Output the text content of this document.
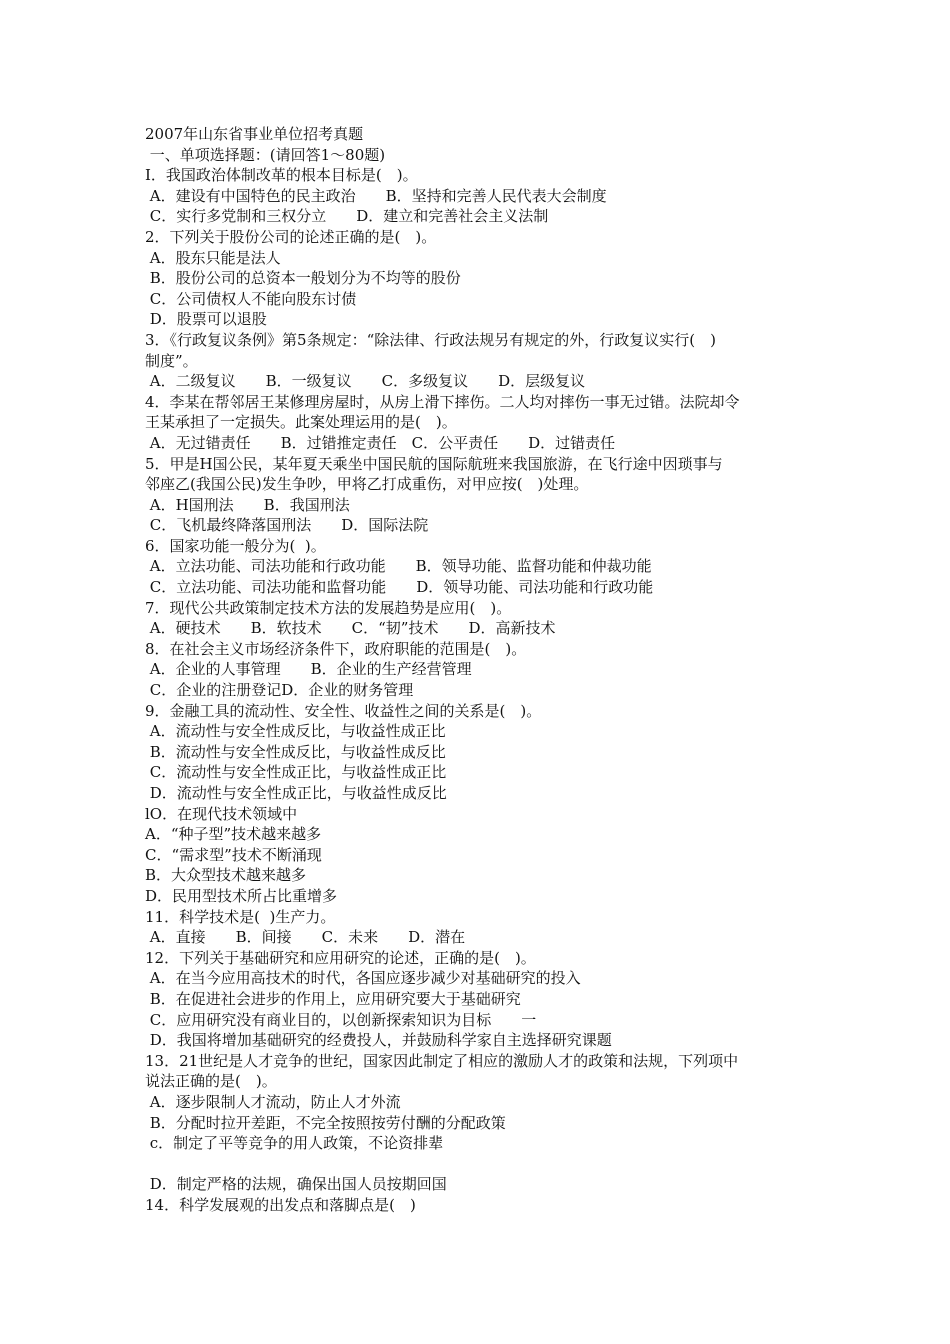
2007年山东省事业单位招考真题
一、单项选择题：(请回答1～80题)
I．我国政治体制改革的根本目标是(　)。
A．建设有中国特色的民主政治　　B．坚持和完善人民代表大会制度
C．实行多党制和三权分立　　D．建立和完善社会主义法制
2．下列关于股份公司的论述正确的是(　)。
A．股东只能是法人
B．股份公司的总资本一般划分为不均等的股份
C．公司债权人不能向股东讨债
D．股票可以退股
3．《行政复议条例》第5条规定：“除法律、行政法规另有规定的外，行政复议实行(　)
制度”。
A．二级复议　　B．一级复议　　C．多级复议　　D．层级复议
4．李某在帮邻居王某修理房屋时，从房上滑下摔伤。二人均对摔伤一事无过错。法院却令
王某承担了一定损失。此案处理运用的是(　)。
A．无过错责任　　B．过错推定责任　C．公平责任　　D．过错责任
5．甲是H国公民，某年夏天乘坐中国民航的国际航班来我国旅游，在飞行途中因琐事与
邻座乙(我国公民)发生争吵，甲将乙打成重伤，对甲应按(　)处理。
A．H国刑法　　B．我国刑法
C．飞机最终降落国刑法　　D．国际法院
6．国家功能一般分为(  )。
A．立法功能、司法功能和行政功能　　B．领导功能、监督功能和仲裁功能
C．立法功能、司法功能和监督功能　　D．领导功能、司法功能和行政功能
7．现代公共政策制定技术方法的发展趋势是应用(　)。
A．硬技术　　B．软技术　　C．“韧”技术　　D．高新技术
8．在社会主义市场经济条件下，政府职能的范围是(　)。
A．企业的人事管理　　B．企业的生产经营管理
C．企业的注册登记D．企业的财务管理
9．金融工具的流动性、安全性、收益性之间的关系是(　)。
A．流动性与安全性成反比，与收益性成正比
B．流动性与安全性成反比，与收益性成反比
C．流动性与安全性成正比，与收益性成正比
D．流动性与安全性成正比，与收益性成反比
lO．在现代技术领域中
A．“种子型”技术越来越多
C．“需求型”技术不断涌现
B．大众型技术越来越多
D．民用型技术所占比重增多
11．科学技术是(  )生产力。
A．直接　　B．间接　　C．未来　　D．潜在
12．下列关于基础研究和应用研究的论述，正确的是(　)。
A．在当今应用高技术的时代，各国应逐步减少对基础研究的投入
B．在促进社会进步的作用上，应用研究要大于基础研究
C．应用研究没有商业目的，以创新探索知识为目标　　一
D．我国将增加基础研究的经费投人，并鼓励科学家自主选择研究课题
13．21世纪是人才竞争的世纪，国家因此制定了相应的激励人才的政策和法规，下列项中
说法正确的是(　)。
A．逐步限制人才流动，防止人才外流
B．分配时拉开差距，不完全按照按劳付酬的分配政策
c．制定了平等竞争的用人政策，不论资排辈
D．制定严格的法规，确保出国人员按期回国
14．科学发展观的出发点和落脚点是(　)
